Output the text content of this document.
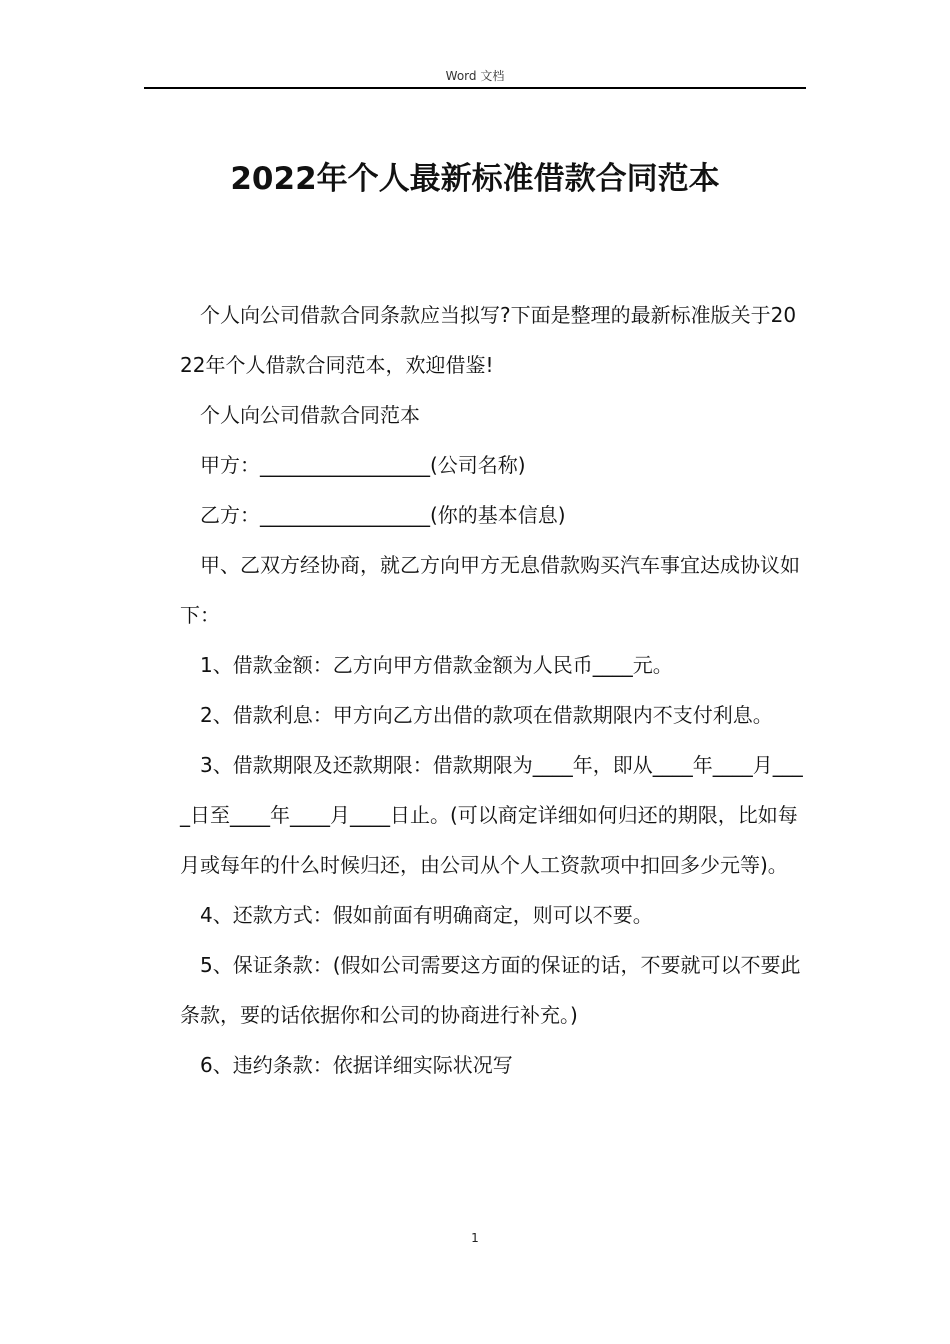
Word 文档
2022年个人最新标准借款合同范本

个人向公司借款合同条款应当拟写?下面是整理的最新标准版关于2022年个人借款合同范本，欢迎借鉴!

个人向公司借款合同范本

甲方：_________________(公司名称)

乙方：_________________(你的基本信息)

甲、乙双方经协商，就乙方向甲方无息借款购买汽车事宜达成协议如下：

1、借款金额：乙方向甲方借款金额为人民币____元。

2、借款利息：甲方向乙方出借的款项在借款期限内不支付利息。

3、借款期限及还款期限：借款期限为____年，即从____年____月____日至____年____月____日止。(可以商定详细如何归还的期限，比如每月或每年的什么时候归还，由公司从个人工资款项中扣回多少元等)。

4、还款方式：假如前面有明确商定，则可以不要。

5、保证条款：(假如公司需要这方面的保证的话，不要就可以不要此条款，要的话依据你和公司的协商进行补充。)

6、违约条款：依据详细实际状况写

1
